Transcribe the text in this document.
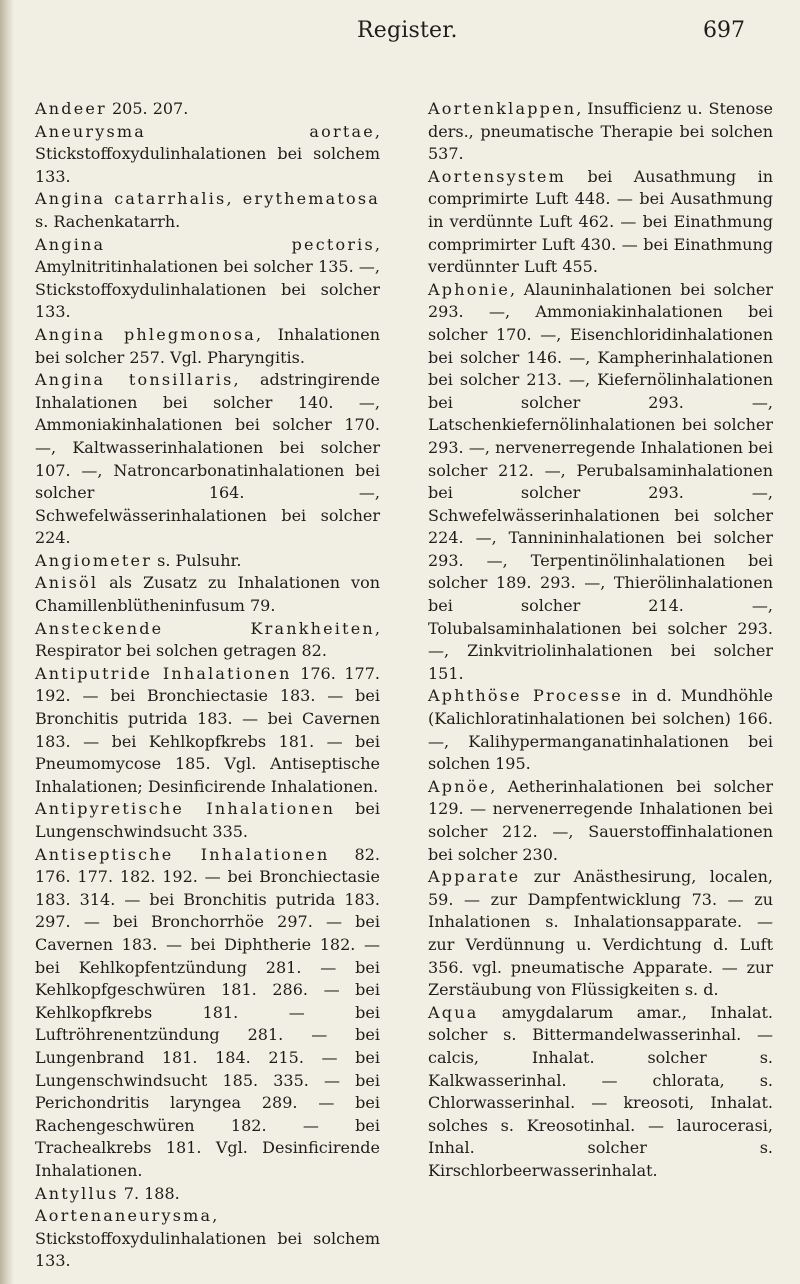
Register.	697

Andeer 205. 207.

Aneurysma aortae, Stickstoffoxydulinhalationen bei solchem 133.

Angina catarrhalis, erythematosa s. Rachenkatarrh.

Angina pectoris, Amylnitritinhalationen bei solcher 135. —, Stickstoffoxydulinhalationen bei solcher 133.

Angina phlegmonosa, Inhalationen bei solcher 257. Vgl. Pharyngitis.

Angina tonsillaris, adstringirende Inhalationen bei solcher 140. —, Ammoniakinhalationen bei solcher 170. —, Kaltwasserinhalationen bei solcher 107. —, Natroncarbonatinhalationen bei solcher 164. —, Schwefelwässerinhalationen bei solcher 224.

Angiometer s. Pulsuhr.

Anisöl als Zusatz zu Inhalationen von Chamillenblütheninfusum 79.

Ansteckende Krankheiten, Respirator bei solchen getragen 82.

Antiputride Inhalationen 176. 177. 192. — bei Bronchiectasie 183. — bei Bronchitis putrida 183. — bei Cavernen 183. — bei Kehlkopfkrebs 181. — bei Pneumomycose 185. Vgl. Antiseptische Inhalationen; Desinficirende Inhalationen.

Antipyretische Inhalationen bei Lungenschwindsucht 335.

Antiseptische Inhalationen 82. 176. 177. 182. 192. — bei Bronchiectasie 183. 314. — bei Bronchitis putrida 183. 297. — bei Bronchorrhöe 297. — bei Cavernen 183. — bei Diphtherie 182. — bei Kehlkopfentzündung 281. — bei Kehlkopfgeschwüren 181. 286. — bei Kehlkopfkrebs 181. — bei Luftröhrenentzündung 281. — bei Lungenbrand 181. 184. 215. — bei Lungenschwindsucht 185. 335. — bei Perichondritis laryngea 289. — bei Rachengeschwüren 182. — bei Trachealkrebs 181. Vgl. Desinficirende Inhalationen.

Antyllus 7. 188.

Aortenaneurysma, Stickstoffoxydulinhalationen bei solchem 133.

Aortenklappen, Insufficienz u. Stenose ders., pneumatische Therapie bei solchen 537.

Aortensystem bei Ausathmung in comprimirte Luft 448. — bei Ausathmung in verdünnte Luft 462. — bei Einathmung comprimirter Luft 430. — bei Einathmung verdünnter Luft 455.

Aphonie, Alauninhalationen bei solcher 293. —, Ammoniakinhalationen bei solcher 170. —, Eisenchloridinhalationen bei solcher 146. —, Kampherinhalationen bei solcher 213. —, Kiefernölinhalationen bei solcher 293. —, Latschenkiefernölinhalationen bei solcher 293. —, nervenerregende Inhalationen bei solcher 212. —, Perubalsaminhalationen bei solcher 293. —, Schwefelwässerinhalationen bei solcher 224. —, Tannininhalationen bei solcher 293. —, Terpentinölinhalationen bei solcher 189. 293. —, Thierölinhalationen bei solcher 214. —, Tolubalsaminhalationen bei solcher 293. —, Zinkvitriolinhalationen bei solcher 151.

Aphthöse Processe in d. Mundhöhle (Kalichloratinhalationen bei solchen) 166. —, Kalihypermanganatinhalationen bei solchen 195.

Apnöe, Aetherinhalationen bei solcher 129. — nervenerregende Inhalationen bei solcher 212. —, Sauerstoffinhalationen bei solcher 230.

Apparate zur Anästhesirung, localen, 59. — zur Dampfentwicklung 73. — zu Inhalationen s. Inhalationsapparate. — zur Verdünnung u. Verdichtung d. Luft 356. vgl. pneumatische Apparate. — zur Zerstäubung von Flüssigkeiten s. d.

Aqua amygdalarum amar., Inhalat. solcher s. Bittermandelwasserinhal. — calcis, Inhalat. solcher s. Kalkwasserinhal. — chlorata, s. Chlorwasserinhal. — kreosoti, Inhalat. solches s. Kreosotinhal. — laurocerasi, Inhal. solcher s. Kirschlorbeerwasserinhalat.
